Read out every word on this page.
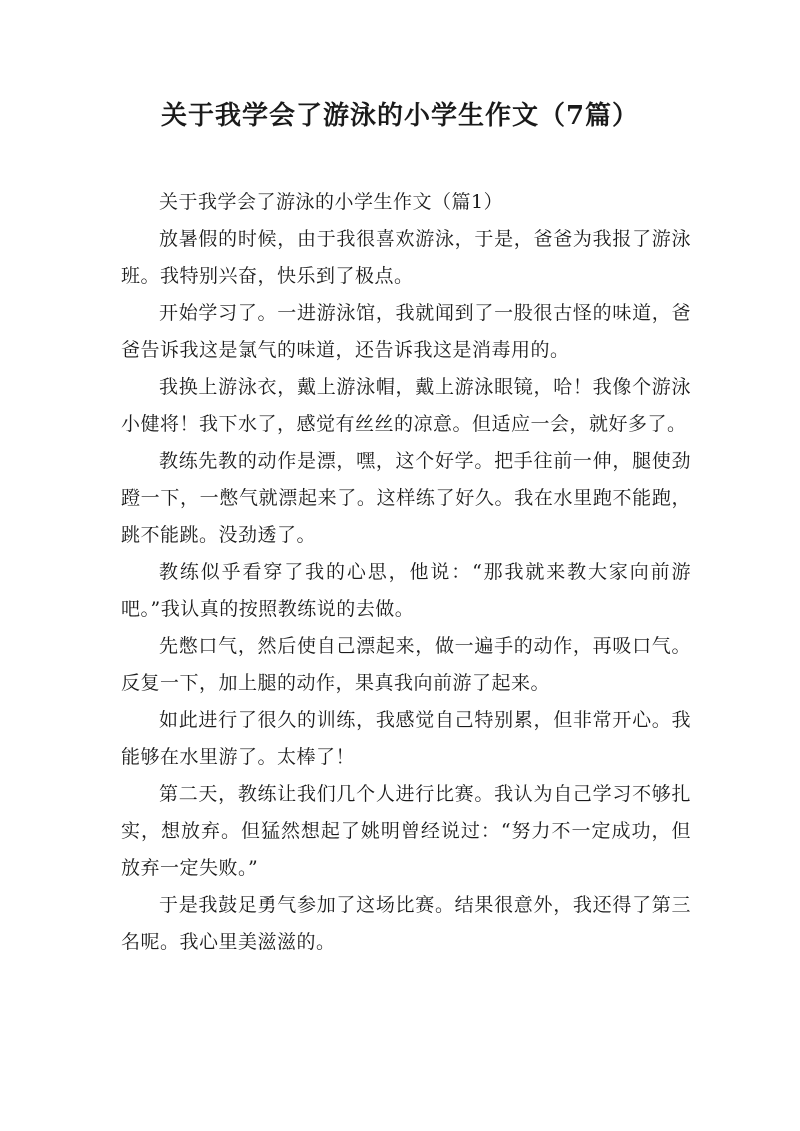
关于我学会了游泳的小学生作文（7篇）

关于我学会了游泳的小学生作文（篇1）

放暑假的时候，由于我很喜欢游泳，于是，爸爸为我报了游泳班。我特别兴奋，快乐到了极点。

开始学习了。一进游泳馆，我就闻到了一股很古怪的味道，爸爸告诉我这是氯气的味道，还告诉我这是消毒用的。

我换上游泳衣，戴上游泳帽，戴上游泳眼镜，哈！我像个游泳小健将！我下水了，感觉有丝丝的凉意。但适应一会，就好多了。

教练先教的动作是漂，嘿，这个好学。把手往前一伸，腿使劲蹬一下，一憋气就漂起来了。这样练了好久。我在水里跑不能跑，跳不能跳。没劲透了。

教练似乎看穿了我的心思，他说：“那我就来教大家向前游吧。”我认真的按照教练说的去做。

先憋口气，然后使自己漂起来，做一遍手的动作，再吸口气。反复一下，加上腿的动作，果真我向前游了起来。

如此进行了很久的训练，我感觉自己特别累，但非常开心。我能够在水里游了。太棒了！

第二天，教练让我们几个人进行比赛。我认为自己学习不够扎实，想放弃。但猛然想起了姚明曾经说过：“努力不一定成功，但放弃一定失败。”

于是我鼓足勇气参加了这场比赛。结果很意外，我还得了第三名呢。我心里美滋滋的。
